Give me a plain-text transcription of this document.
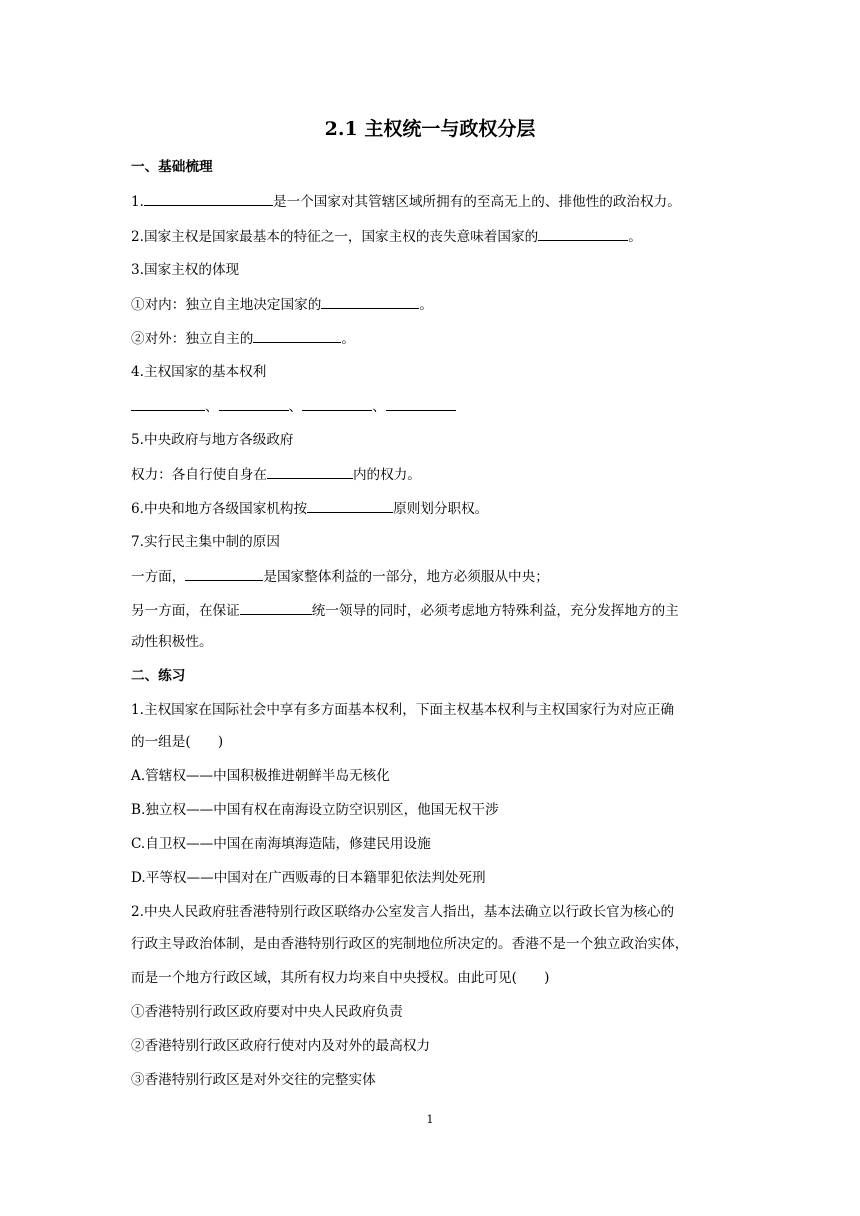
2.1 主权统一与政权分层
一、基础梳理
1.	是一个国家对其管辖区域所拥有的至高无上的、排他性的政治权力。
2.国家主权是国家最基本的特征之一，国家主权的丧失意味着国家的	。
3.国家主权的体现
①对内：独立自主地决定国家的	。
②对外：独立自主的	。
4.主权国家的基本权利
、	、	、
5.中央政府与地方各级政府
权力：各自行使自身在	内的权力。
6.中央和地方各级国家机构按	原则划分职权。
7.实行民主集中制的原因
一方面，	是国家整体利益的一部分，地方必须服从中央；
另一方面，在保证	统一领导的同时，必须考虑地方特殊利益，充分发挥地方的主
动性积极性。
二、练习
1.主权国家在国际社会中享有多方面基本权利，下面主权基本权利与主权国家行为对应正确
的一组是(　　)
A.管辖权——中国积极推进朝鲜半岛无核化
B.独立权——中国有权在南海设立防空识别区，他国无权干涉
C.自卫权——中国在南海填海造陆，修建民用设施
D.平等权——中国对在广西贩毒的日本籍罪犯依法判处死刑
2.中央人民政府驻香港特别行政区联络办公室发言人指出，基本法确立以行政长官为核心的
行政主导政治体制，是由香港特别行政区的宪制地位所决定的。香港不是一个独立政治实体，
而是一个地方行政区域，其所有权力均来自中央授权。由此可见(　　)
①香港特别行政区政府要对中央人民政府负责
②香港特别行政区政府行使对内及对外的最高权力
③香港特别行政区是对外交往的完整实体
1
